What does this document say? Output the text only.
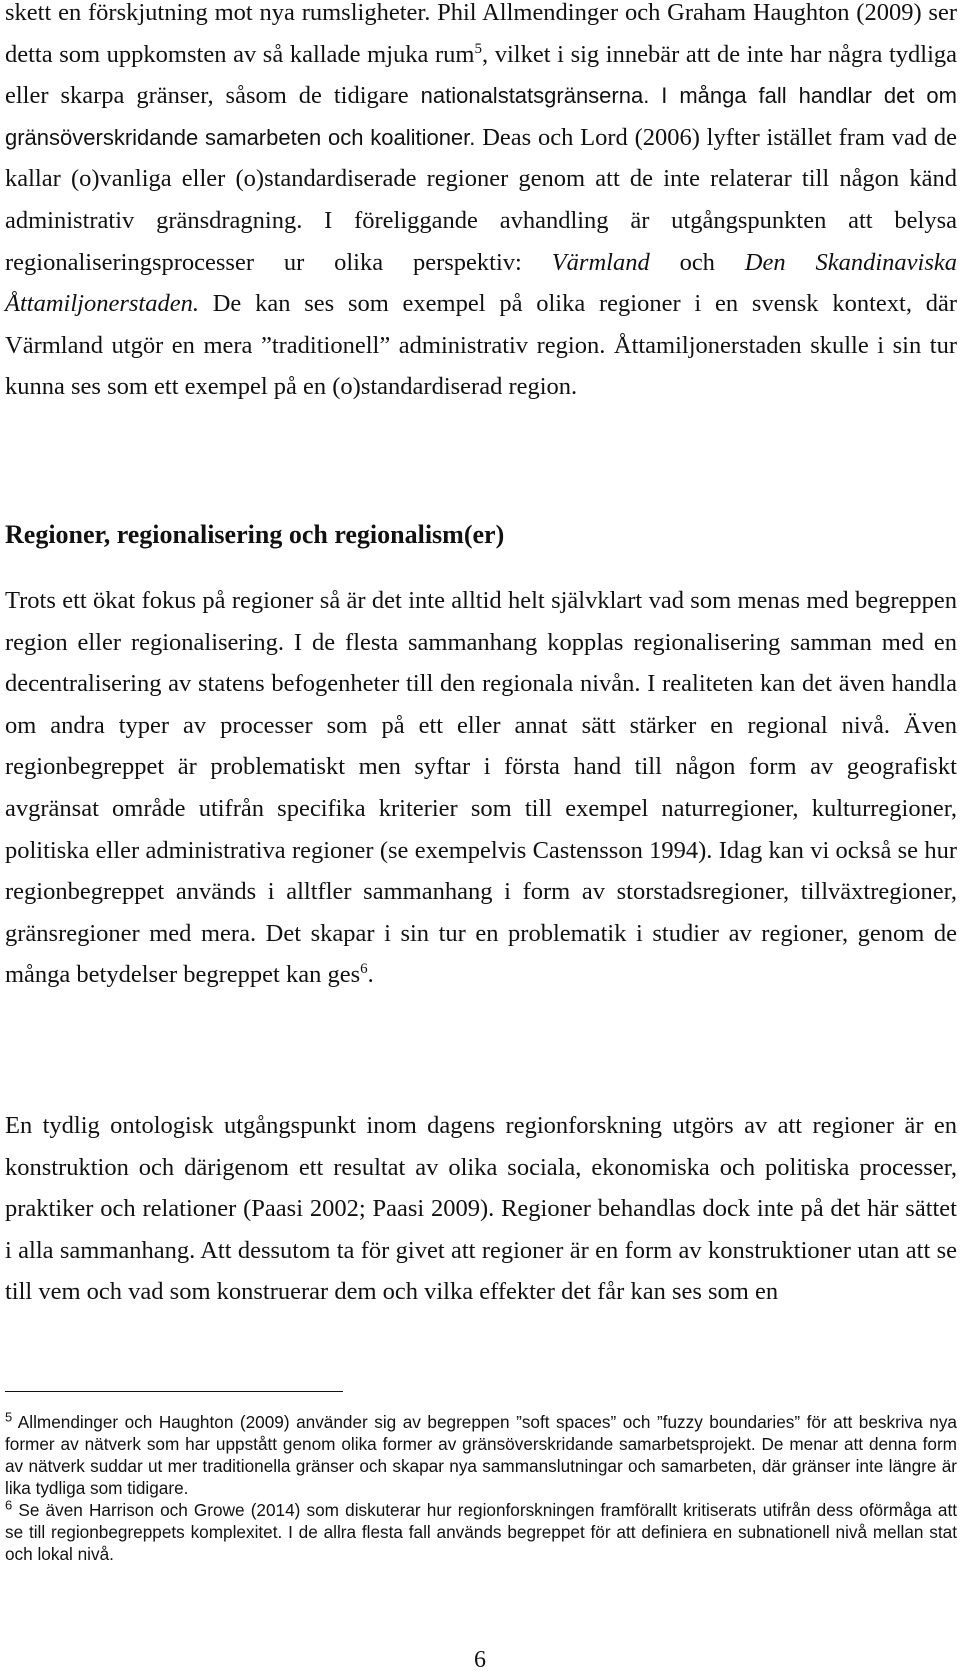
skett en förskjutning mot nya rumsligheter. Phil Allmendinger och Graham Haughton (2009) ser detta som uppkomsten av så kallade mjuka rum$^5$, vilket i sig innebär att de inte har några tydliga eller skarpa gränser, såsom de tidigare nationalstatsgränserna. I många fall handlar det om gränsöverskridande samarbeten och koalitioner. Deas och Lord (2006) lyfter istället fram vad de kallar (o)vanliga eller (o)standardiserade regioner genom att de inte relaterar till någon känd administrativ gränsdragning. I föreliggande avhandling är utgångspunkten att belysa regionaliseringsprocesser ur olika perspektiv: Värmland och Den Skandinaviska Åttamiljonerstaden. De kan ses som exempel på olika regioner i en svensk kontext, där Värmland utgör en mera ”traditionell” administrativ region. Åttamiljonerstaden skulle i sin tur kunna ses som ett exempel på en (o)standardiserad region.

Regioner, regionalisering och regionalism(er)

Trots ett ökat fokus på regioner så är det inte alltid helt självklart vad som menas med begreppen region eller regionalisering. I de flesta sammanhang kopplas regionalisering samman med en decentralisering av statens befogenheter till den regionala nivån. I realiteten kan det även handla om andra typer av processer som på ett eller annat sätt stärker en regional nivå. Även regionbegreppet är problematiskt men syftar i första hand till någon form av geografiskt avgränsat område utifrån specifika kriterier som till exempel naturregioner, kulturregioner, politiska eller administrativa regioner (se exempelvis Castensson 1994). Idag kan vi också se hur regionbegreppet används i alltfler sammanhang i form av storstadsregioner, tillväxtregioner, gränsregioner med mera. Det skapar i sin tur en problematik i studier av regioner, genom de många betydelser begreppet kan ges$^6$.

En tydlig ontologisk utgångspunkt inom dagens regionforskning utgörs av att regioner är en konstruktion och därigenom ett resultat av olika sociala, ekonomiska och politiska processer, praktiker och relationer (Paasi 2002; Paasi 2009). Regioner behandlas dock inte på det här sättet i alla sammanhang. Att dessutom ta för givet att regioner är en form av konstruktioner utan att se till vem och vad som konstruerar dem och vilka effekter det får kan ses som en

$^5$ Allmendinger och Haughton (2009) använder sig av begreppen ”soft spaces” och ”fuzzy boundaries” för att beskriva nya former av nätverk som har uppstått genom olika former av gränsöverskridande samarbetsprojekt. De menar att denna form av nätverk suddar ut mer traditionella gränser och skapar nya sammanslutningar och samarbeten, där gränser inte längre är lika tydliga som tidigare.

$^6$ Se även Harrison och Growe (2014) som diskuterar hur regionforskningen framförallt kritiserats utifrån dess oförmåga att se till regionbegreppets komplexitet. I de allra flesta fall används begreppet för att definiera en subnationell nivå mellan stat och lokal nivå.

6
